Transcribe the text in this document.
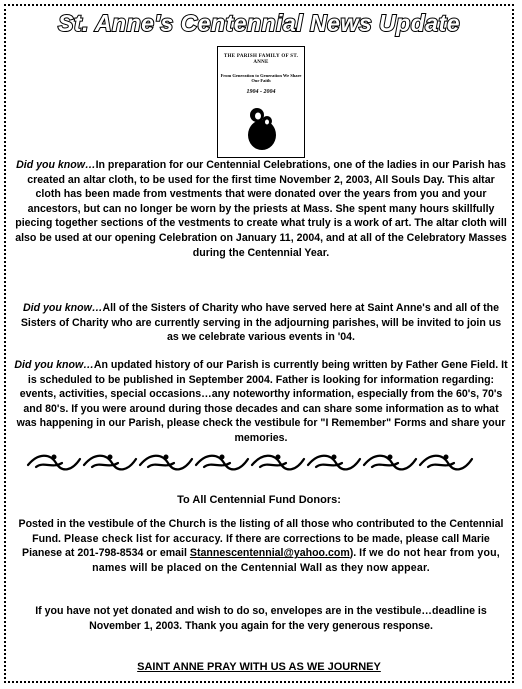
St. Anne's Centennial News Update
THE PARISH FAMILY OF ST. ANNE
From Generation to Generation We Share Our Faith
1904 - 2004
Did you know…In preparation for our Centennial Celebrations, one of the ladies in our Parish has created an altar cloth, to be used for the first time November 2, 2003, All Souls Day. This altar cloth has been made from vestments that were donated over the years from you and your ancestors, but can no longer be worn by the priests at Mass. She spent many hours skillfully piecing together sections of the vestments to create what truly is a work of art. The altar cloth will also be used at our opening Celebration on January 11, 2004, and at all of the Celebratory Masses during the Centennial Year.
Did you know…All of the Sisters of Charity who have served here at Saint Anne's and all of the Sisters of Charity who are currently serving in the adjourning parishes, will be invited to join us as we celebrate various events in '04.
Did you know…An updated history of our Parish is currently being written by Father Gene Field. It is scheduled to be published in September 2004. Father is looking for information regarding: events, activities, special occasions…any noteworthy information, especially from the 60's, 70's and 80's. If you were around during those decades and can share some information as to what was happening in our Parish, please check the vestibule for "I Remember" Forms and share your memories.
To All Centennial Fund Donors:
Posted in the vestibule of the Church is the listing of all those who contributed to the Centennial Fund. Please check list for accuracy. If there are corrections to be made, please call Marie Pianese at 201-798-8534 or email Stannescentennial@yahoo.com). If we do not hear from you, names will be placed on the Centennial Wall as they now appear.
If you have not yet donated and wish to do so, envelopes are in the vestibule…deadline is November 1, 2003. Thank you again for the very generous response.
SAINT ANNE PRAY WITH US AS WE JOURNEY
